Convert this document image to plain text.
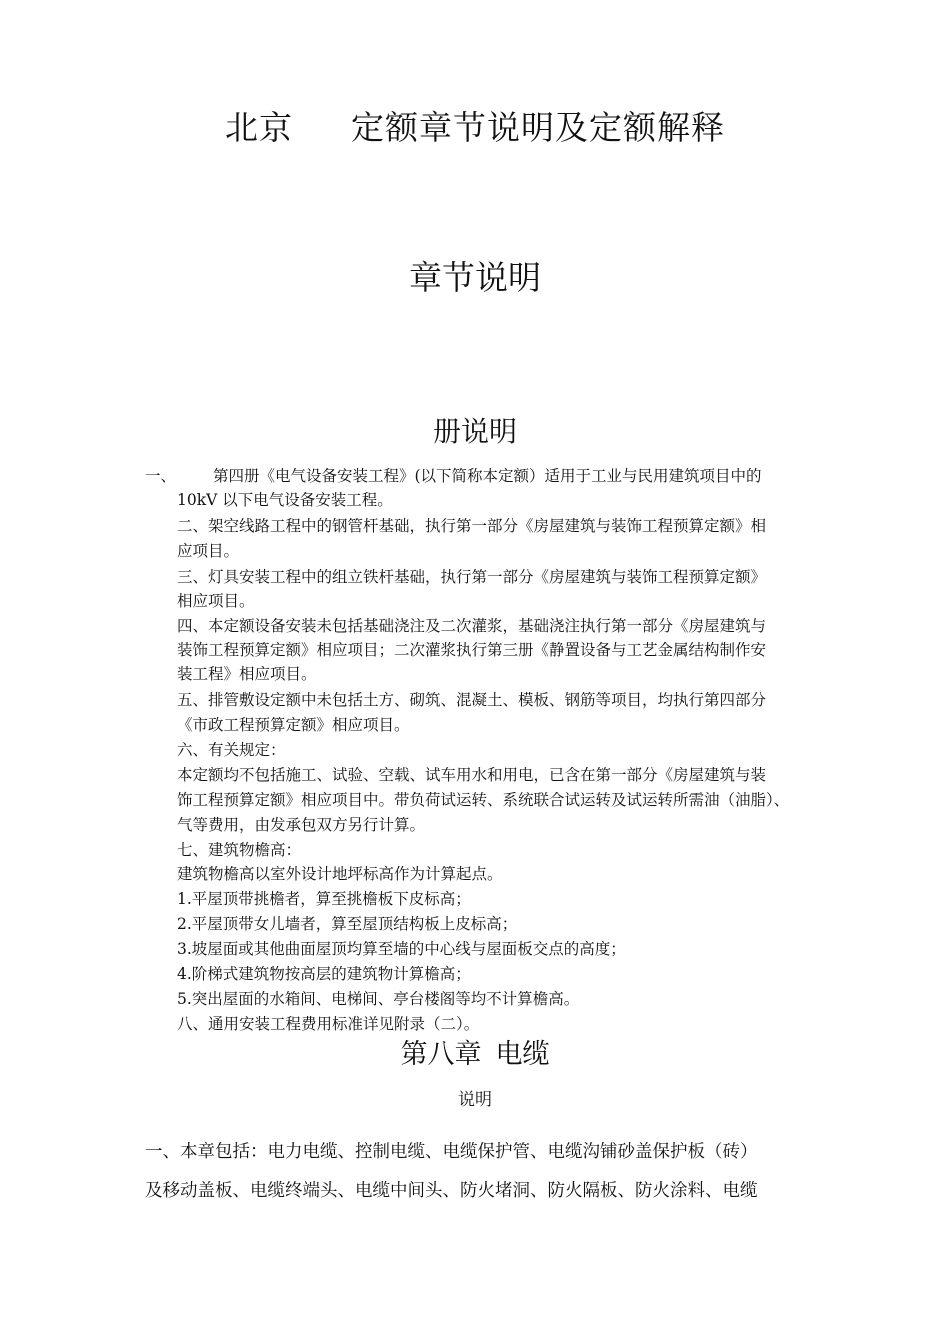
北京 定额章节说明及定额解释
章节说明
册说明
一、 第四册《电气设备安装工程》(以下简称本定额）适用于工业与民用建筑项目中的
10kV 以下电气设备安装工程。
二、架空线路工程中的钢管杆基础，执行第一部分《房屋建筑与装饰工程预算定额》相
应项目。
三、灯具安装工程中的组立铁杆基础，执行第一部分《房屋建筑与装饰工程预算定额》
相应项目。
四、本定额设备安装未包括基础浇注及二次灌浆，基础浇注执行第一部分《房屋建筑与
装饰工程预算定额》相应项目；二次灌浆执行第三册《静置设备与工艺金属结构制作安
装工程》相应项目。
五、排管敷设定额中未包括土方、砌筑、混凝土、模板、钢筋等项目，均执行第四部分
《市政工程预算定额》相应项目。
六、有关规定：
本定额均不包括施工、试验、空载、试车用水和用电，已含在第一部分《房屋建筑与装
饰工程预算定额》相应项目中。带负荷试运转、系统联合试运转及试运转所需油（油脂）、
气等费用，由发承包双方另行计算。
七、建筑物檐高：
建筑物檐高以室外设计地坪标高作为计算起点。
1.平屋顶带挑檐者，算至挑檐板下皮标高；
2.平屋顶带女儿墙者，算至屋顶结构板上皮标高；
3.坡屋面或其他曲面屋顶均算至墙的中心线与屋面板交点的高度；
4.阶梯式建筑物按高层的建筑物计算檐高；
5.突出屋面的水箱间、电梯间、亭台楼阁等均不计算檐高。
八、通用安装工程费用标准详见附录（二）。
第八章 电缆
说明
一、本章包括：电力电缆、控制电缆、电缆保护管、电缆沟铺砂盖保护板（砖）
及移动盖板、电缆终端头、电缆中间头、防火堵洞、防火隔板、防火涂料、电缆
